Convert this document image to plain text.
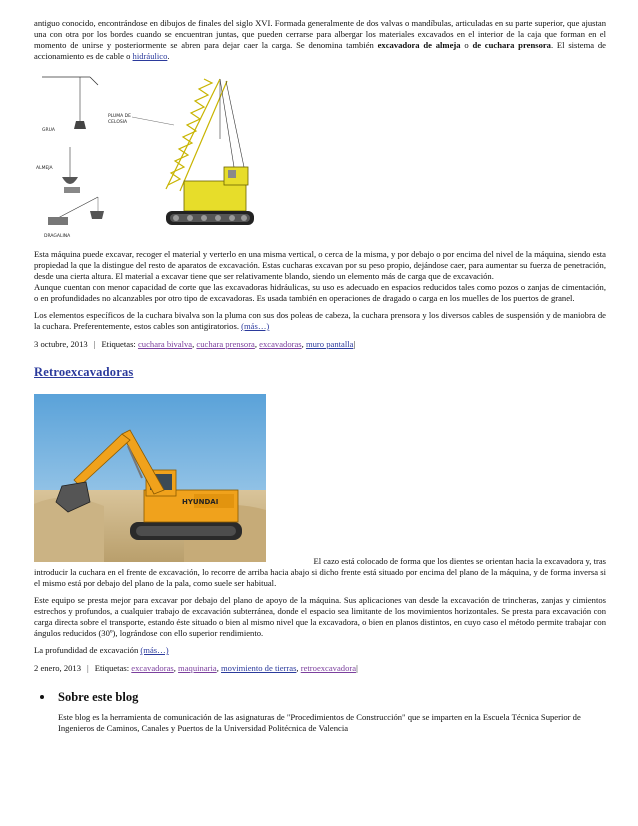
antiguo conocido, encontrándose en dibujos de finales del siglo XVI. Formada generalmente de dos valvas o mandíbulas, articuladas en su parte superior, que ajustan una con otra por los bordes cuando se encuentran juntas, que pueden cerrarse para albergar los materiales excavados en el interior de la caja que forman en el momento de unirse y posteriormente se abren para dejar caer la carga. Se denomina también excavadora de almeja o de cuchara prensora. El sistema de accionamiento es de cable o hidráulico.

GRUA
PLUMA DE
CELOSIA
ALMEJA
DRAGALINA

Esta máquina puede excavar, recoger el material y verterlo en una misma vertical, o cerca de la misma, y por debajo o por encima del nivel de la máquina, siendo esta propiedad la que la distingue del resto de aparatos de excavación. Estas cucharas excavan por su peso propio, dejándose caer, para aumentar su fuerza de penetración, desde una cierta altura. El material a excavar tiene que ser relativamente blando, siendo un elemento más de carga que de excavación.
Aunque cuentan con menor capacidad de corte que las excavadoras hidráulicas, su uso es adecuado en espacios reducidos tales como pozos o zanjas de cimentación, o en profundidades no alcanzables por otro tipo de excavadoras. Es usada también en operaciones de dragado o carga en los muelles de los puertos de granel.

Los elementos específicos de la cuchara bivalva son la pluma con sus dos poleas de cabeza, la cuchara prensora y los diversos cables de suspensión y de maniobra de la cuchara. Preferentemente, estos cables son antigiratorios. (más…)

3 octubre, 2013 | Etiquetas: cuchara bivalva, cuchara prensora, excavadoras, muro pantalla|

Retroexcavadoras
HYUNDAI

El cazo está colocado de forma que los dientes se orientan hacia la excavadora y, tras
introducir la cuchara en el frente de excavación, lo recorre de arriba hacia abajo si dicho frente está situado por encima del plano de la máquina, y de forma inversa si el mismo está por debajo del plano de la pala, como suele ser habitual.

Este equipo se presta mejor para excavar por debajo del plano de apoyo de la máquina. Sus aplicaciones van desde la excavación de trincheras, zanjas y cimientos estrechos y profundos, a cualquier trabajo de excavación subterránea, donde el espacio sea limitante de los movimientos horizontales. Se presta para excavación con carga directa sobre el transporte, estando éste situado o bien al mismo nivel que la excavadora, o bien en planos distintos, en cuyo caso el método permite trabajar con ángulos reducidos (30º), lográndose con ello superior rendimiento.

La profundidad de excavación (más…)

2 enero, 2013 | Etiquetas: excavadoras, maquinaria, movimiento de tierras, retroexcavadora|

Sobre este blog
Este blog es la herramienta de comunicación de las asignaturas de "Procedimientos de Construcción" que se imparten en la Escuela Técnica Superior de Ingenieros de Caminos, Canales y Puertos de la Universidad Politécnica de Valencia
